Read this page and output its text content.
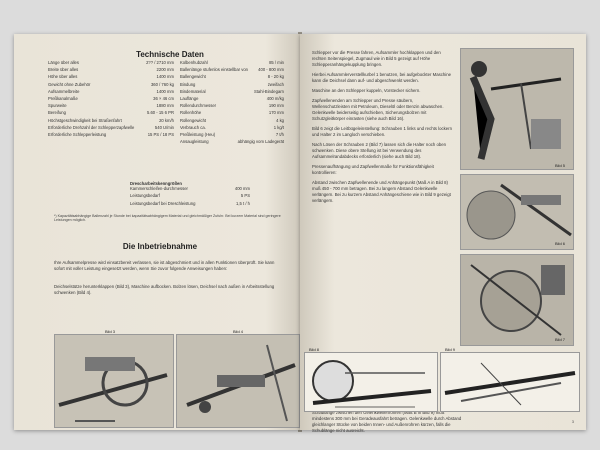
Technische Daten
Länge über alles	2?? / 2710 mm
Breite über alles	2200 mm
Höhe über alles	1400 mm
Gewicht ohne Zubehör	360 / 760 kg
Aufsammelbreite	1400 mm
Preßkanalmaße	36 × 46 cm
Spurweite	1880 mm
Bereifung	5.60 - 15 6 PR
Höchstgeschwindigkeit bei Straßenfahrt	20 km/h
Erforderliche Drehzahl der Schlepperzapfwelle	540 U/min
Erforderliche Schlepperleistung	15 PS / 18 PS
Kolbenhubzahl	85 / min
Ballenlänge stufenlos einstellbar von 400 - 800 mm
Ballengewicht	8 - 20 kg
Bindung	zweifach
Bindematerial	Stahl-Bindegarn
Lauflänge	400 m/kg
Rollendurchmesser	190 mm
Rollenhöhe	170 mm
Rollengewicht	4 kg
Verbrauch ca.	1 kg/t
Preßleistung (Heu)	7 t/h
Ansaugleistung	abhängig vom Ladegerät
Drescharbeitskenngrößen
Kammerschleifen-durchmesser	400 mm
Leistungsbedarf	5 PS
Leistungsbedarf bei Dreschleistung	1,5 t / h
*) Kapazitätsabhängige Ballenzahl je Stunde bei kapazitätsabhängigem Material und gleichmäßiger Zufuhr. Bei kurzem Material sind geringere Leistungen möglich.
Die Inbetriebnahme
Ihre Aufsammelpresse wird einsatzbereit verlassen, sie ist abgeschmiert und in allen Funktionen überprüft. Sie kann sofort mit voller Leistung eingesetzt werden, wenn Sie zuvor folgende Anweisungen haben:
Deichselstütze herunterklappen (Bild 3), Maschine aufbocken. Bolzen lösen, Deichsel nach außen in Arbeitsstellung schwenken (Bild 4).
Bild 3	Bild 4

Schlepper vor die Presse fahren, Aufsammler hochklappen und den rechten Seitenspiegel, Zugmaul wie in Bild 5 gezeigt auf Höhe Schlepperanhängekupplung bringen.

Hierbei Aufsammlerverstellkurbel 1 benutzen, bei aufgebockter Maschine kann die Deichsel dann auf- und abgeschwenkt werden.

Maschine an den Schlepper kuppeln, Vorstecker sichern.

Zapfwellenenden am Schlepper und Presse säubern, Wellenschutzleisten mit Petroleum, Dieselöl oder Benzin abwaschen. Gelenkwelle beiderseitig aufschieben, Sicherungsbolzen mit Schutzgleitkörper einrasten (siehe auch Bild 16).

Bild 6 zeigt die Leitbügeleinstellung: Schrauben 1 links und rechts lockern und Halter 2 im Langloch verschieben.

Nach Lösen der Schrauben 2 (Bild 7) lassen sich die Halter noch oben schwenken. Diese obere Stellung ist bei Verwendung des Aufsammelrandabdecks erforderlich (siehe auch Bild 18).

Pressenaufhängung und Zapfwellenmaße für Funktionsfähigkeit kontrollieren:

Abstand zwischen Zapfwellenende und Anhängepunkt (Maß A in Bild 8) muß 450 - 700 mm betragen. Bei zu langem Abstand Gelenkwelle verlängern. Bei zu kurzem Abstand Anhängeschiene wie in Bild 9 gezeigt verlängern.

mindestens 300 mm bei Geradeausfahrt betragen. Gelenkwelle durch Abstand gleichlanger Stücke von beiden Innen- und Außenrohren kürzen, falls die Schublänge nicht ausreicht.
Bild 5
Bild 6
Bild 7
Bild 8	Bild 9
3
